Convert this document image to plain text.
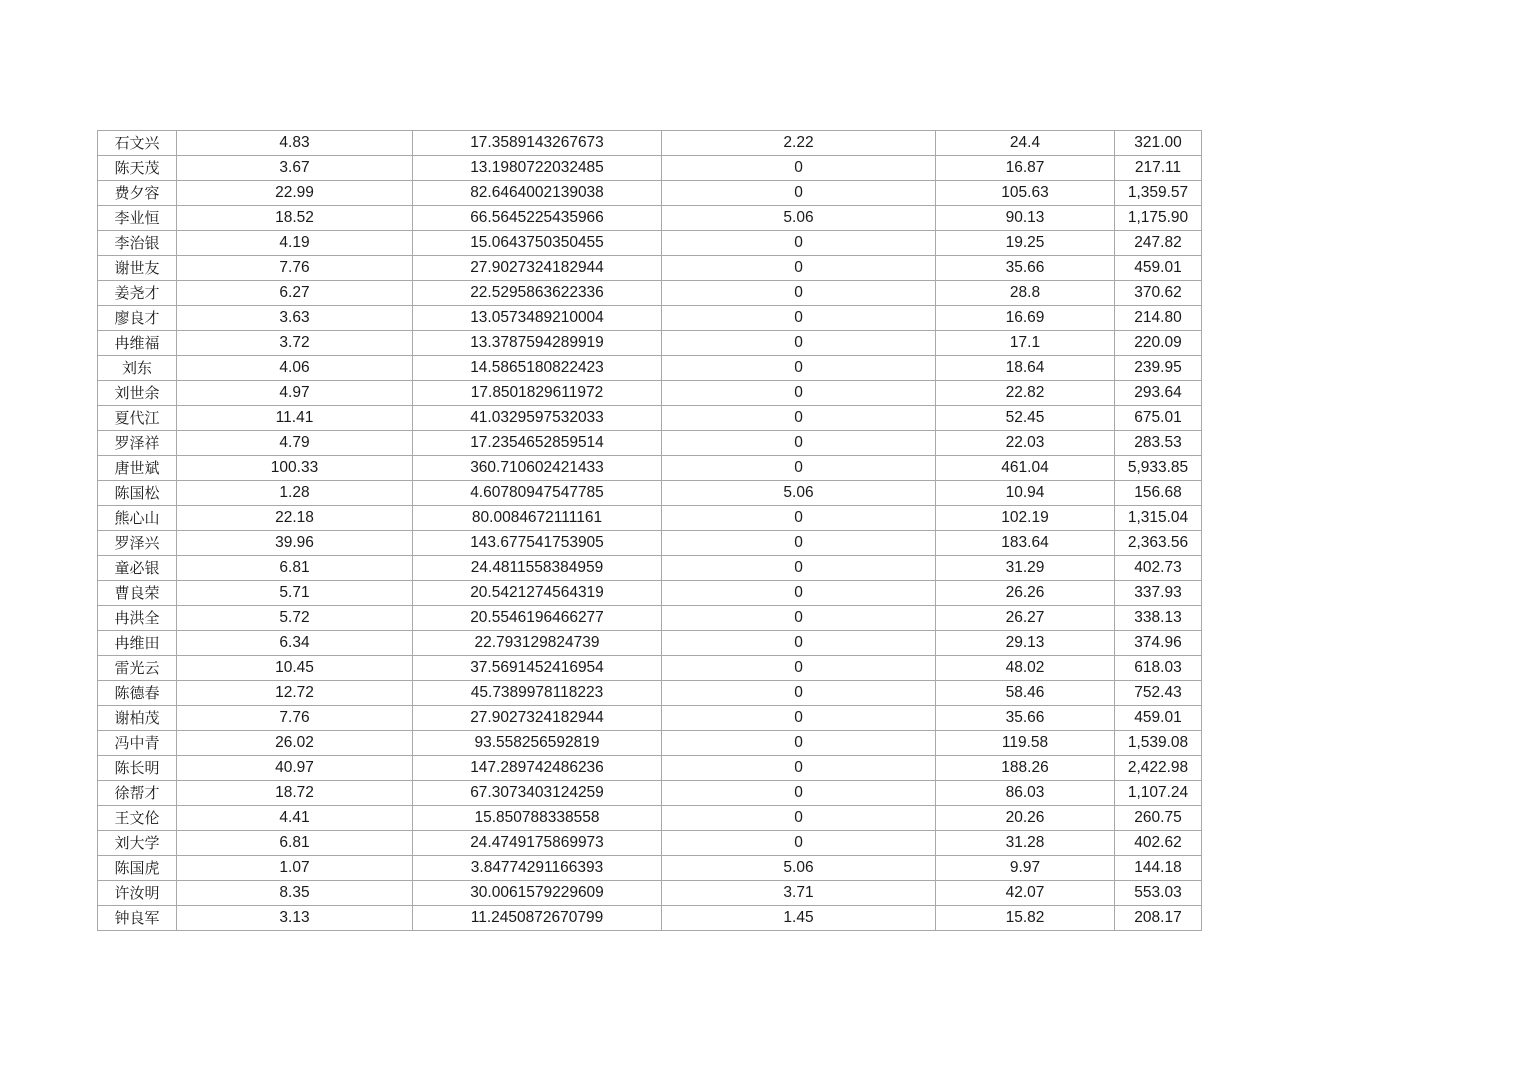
石文兴	4.83	17.3589143267673	2.22	24.4	321.00
陈天茂	3.67	13.1980722032485	0	16.87	217.11
费夕容	22.99	82.6464002139038	0	105.63	1,359.57
李业恒	18.52	66.5645225435966	5.06	90.13	1,175.90
李治银	4.19	15.0643750350455	0	19.25	247.82
谢世友	7.76	27.9027324182944	0	35.66	459.01
姜尧才	6.27	22.5295863622336	0	28.8	370.62
廖良才	3.63	13.0573489210004	0	16.69	214.80
冉维福	3.72	13.3787594289919	0	17.1	220.09
刘东	4.06	14.5865180822423	0	18.64	239.95
刘世余	4.97	17.8501829611972	0	22.82	293.64
夏代江	11.41	41.0329597532033	0	52.45	675.01
罗泽祥	4.79	17.2354652859514	0	22.03	283.53
唐世斌	100.33	360.710602421433	0	461.04	5,933.85
陈国松	1.28	4.60780947547785	5.06	10.94	156.68
熊心山	22.18	80.0084672111161	0	102.19	1,315.04
罗泽兴	39.96	143.677541753905	0	183.64	2,363.56
童必银	6.81	24.4811558384959	0	31.29	402.73
曹良荣	5.71	20.5421274564319	0	26.26	337.93
冉洪全	5.72	20.5546196466277	0	26.27	338.13
冉维田	6.34	22.793129824739	0	29.13	374.96
雷光云	10.45	37.5691452416954	0	48.02	618.03
陈德春	12.72	45.7389978118223	0	58.46	752.43
谢柏茂	7.76	27.9027324182944	0	35.66	459.01
冯中青	26.02	93.558256592819	0	119.58	1,539.08
陈长明	40.97	147.289742486236	0	188.26	2,422.98
徐帮才	18.72	67.3073403124259	0	86.03	1,107.24
王文伦	4.41	15.850788338558	0	20.26	260.75
刘大学	6.81	24.4749175869973	0	31.28	402.62
陈国虎	1.07	3.84774291166393	5.06	9.97	144.18
许汝明	8.35	30.0061579229609	3.71	42.07	553.03
钟良军	3.13	11.2450872670799	1.45	15.82	208.17
